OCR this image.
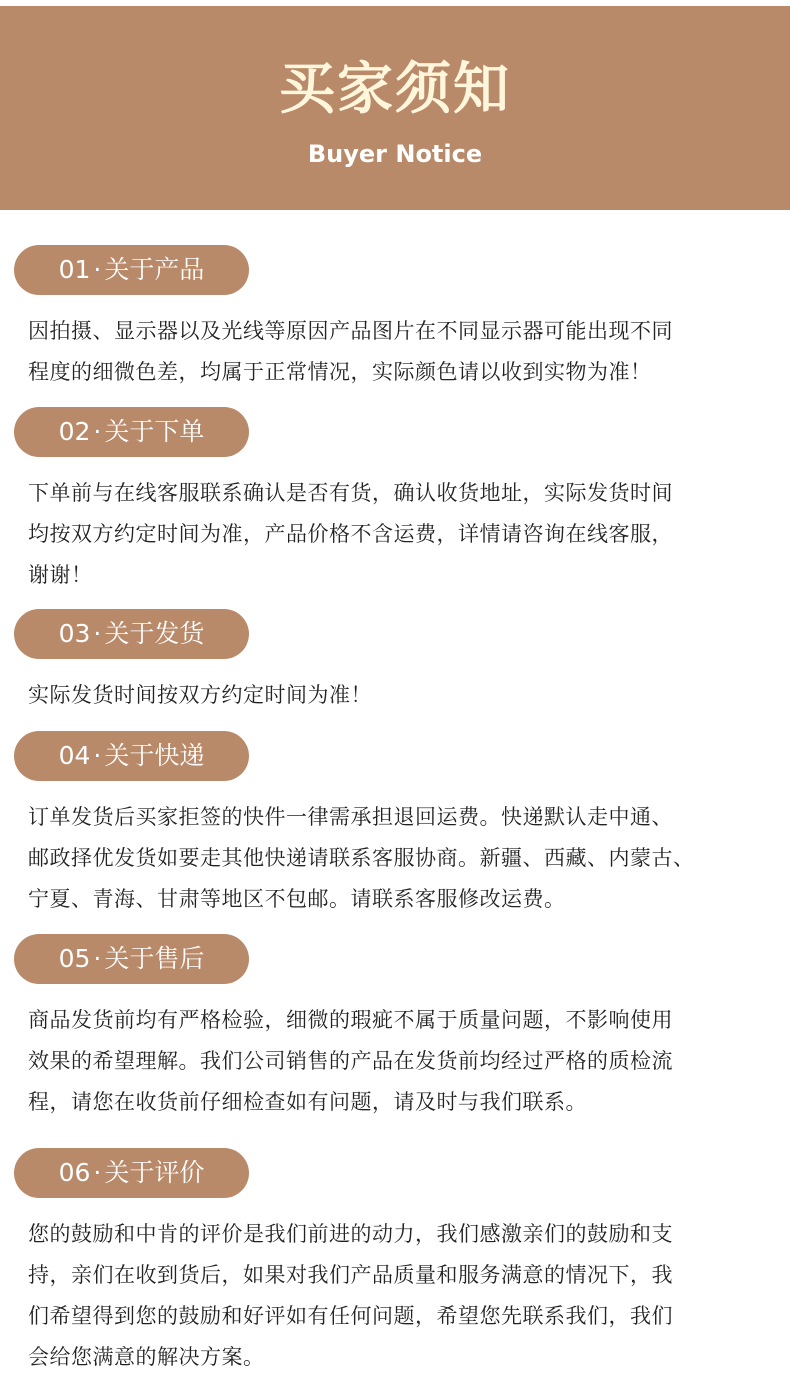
买家须知
Buyer Notice
01 · 关于产品
因拍摄、显示器以及光线等原因产品图片在不同显示器可能出现不同
程度的细微色差，均属于正常情况，实际颜色请以收到实物为准！
02 · 关于下单
下单前与在线客服联系确认是否有货，确认收货地址，实际发货时间
均按双方约定时间为准，产品价格不含运费，详情请咨询在线客服，
谢谢！
03 · 关于发货
实际发货时间按双方约定时间为准！
04 · 关于快递
订单发货后买家拒签的快件一律需承担退回运费。快递默认走中通、
邮政择优发货如要走其他快递请联系客服协商。新疆、西藏、内蒙古、
宁夏、青海、甘肃等地区不包邮。请联系客服修改运费。
05 · 关于售后
商品发货前均有严格检验，细微的瑕疵不属于质量问题，不影响使用
效果的希望理解。我们公司销售的产品在发货前均经过严格的质检流
程，请您在收货前仔细检查如有问题，请及时与我们联系。
06 · 关于评价
您的鼓励和中肯的评价是我们前进的动力，我们感激亲们的鼓励和支
持，亲们在收到货后，如果对我们产品质量和服务满意的情况下，我
们希望得到您的鼓励和好评如有任何问题，希望您先联系我们，我们
会给您满意的解决方案。
